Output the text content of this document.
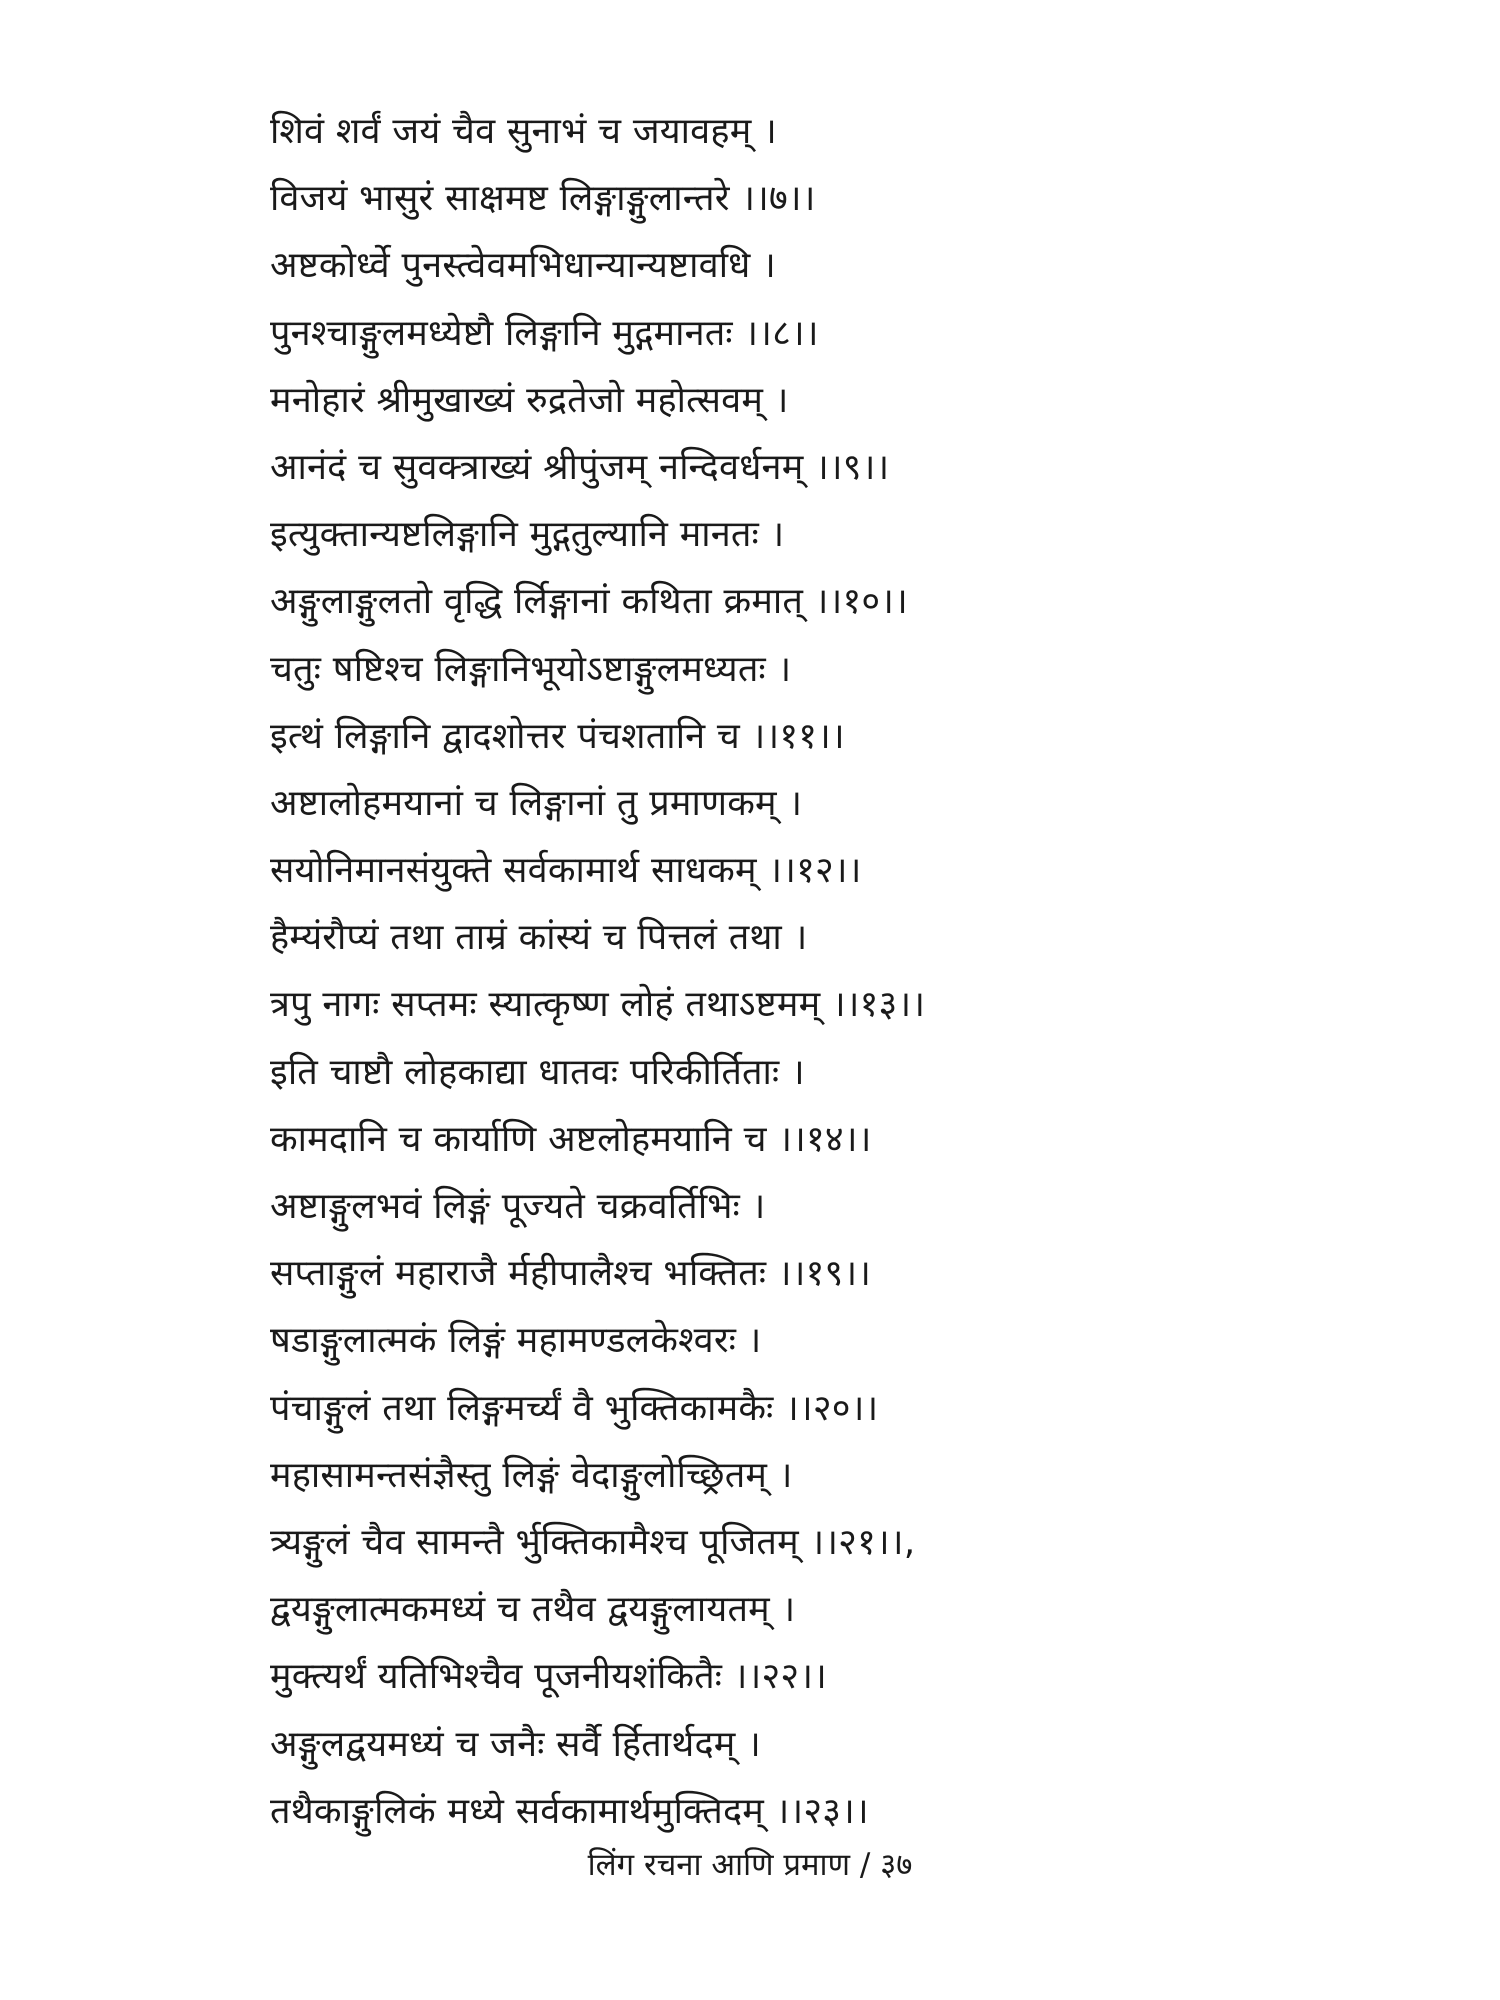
शिवं शर्वं जयं चैव सुनाभं च जयावहम् ।
विजयं भासुरं साक्षमष्ट लिङ्गाङ्गुलान्तरे ।।७।।
अष्टकोर्ध्वे पुनस्त्वेवमभिधान्यान्यष्टावधि ।
पुनश्चाङ्गुलमध्येष्टौ लिङ्गानि मुद्गमानतः ।।८।।
मनोहारं श्रीमुखाख्यं रुद्रतेजो महोत्सवम् ।
आनंदं च सुवक्त्राख्यं श्रीपुंजम् नन्दिवर्धनम् ।।९।।
इत्युक्तान्यष्टलिङ्गानि मुद्गतुल्यानि मानतः ।
अङ्गुलाङ्गुलतो वृद्धि र्लिङ्गानां कथिता क्रमात् ।।१०।।
चतुः षष्टिश्च लिङ्गानिभूयोऽष्टाङ्गुलमध्यतः ।
इत्थं लिङ्गानि द्वादशोत्तर पंचशतानि च ।।११।।
अष्टालोहमयानां च लिङ्गानां तु प्रमाणकम् ।
सयोनिमानसंयुक्ते सर्वकामार्थ साधकम् ।।१२।।
हैम्यंरौप्यं तथा ताम्रं कांस्यं च पित्तलं तथा ।
त्रपु नागः सप्तमः स्यात्कृष्ण लोहं तथाऽष्टमम् ।।१३।।
इति चाष्टौ लोहकाद्या धातवः परिकीर्तिताः ।
कामदानि च कार्याणि अष्टलोहमयानि च ।।१४।।
अष्टाङ्गुलभवं लिङ्गं पूज्यते चक्रवर्तिभिः ।
सप्ताङ्गुलं महाराजै र्महीपालैश्च भक्तितः ।।१९।।
षडाङ्गुलात्मकं लिङ्गं महामण्डलकेश्वरः ।
पंचाङ्गुलं तथा लिङ्गमर्च्यं वै भुक्तिकामकैः ।।२०।।
महासामन्तसंज्ञैस्तु लिङ्गं वेदाङ्गुलोच्छ्रितम् ।
त्र्यङ्गुलं चैव सामन्तै र्भुक्तिकामैश्च पूजितम् ।।२१।।,
द्वयङ्गुलात्मकमध्यं च तथैव द्वयङ्गुलायतम् ।
मुक्त्यर्थं यतिभिश्चैव पूजनीयशंकितैः ।।२२।।
अङ्गुलद्वयमध्यं च जनैः सर्वै र्हितार्थदम् ।
तथैकाङ्गुलिकं मध्ये सर्वकामार्थमुक्तिदम् ।।२३।।
लिंग रचना आणि प्रमाण / ३७
